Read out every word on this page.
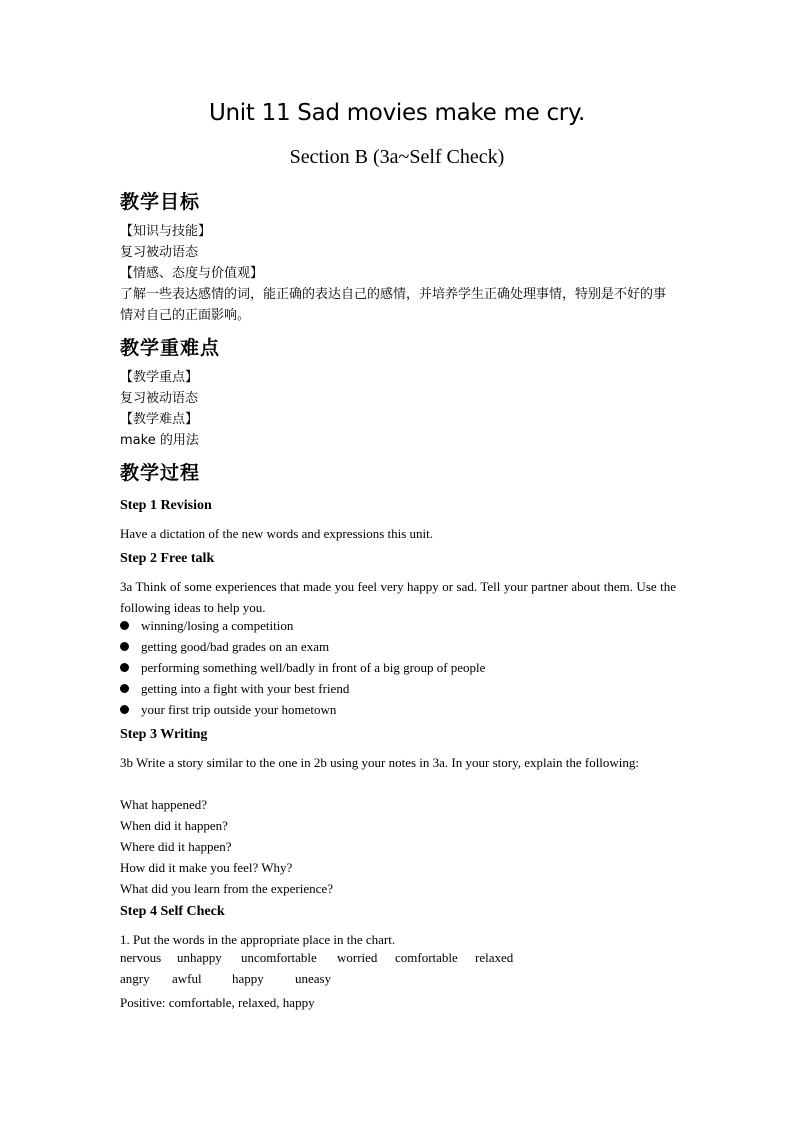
Unit 11 Sad movies make me cry.
Section B (3a~Self Check)
教学目标
【知识与技能】
复习被动语态
【情感、态度与价值观】
了解一些表达感情的词，能正确的表达自己的感情，并培养学生正确处理事情，特别是不好的事情对自己的正面影响。
教学重难点
【教学重点】
复习被动语态
【教学难点】
make 的用法
教学过程
Step 1 Revision
Have a dictation of the new words and expressions this unit.
Step 2 Free talk
3a Think of some experiences that made you feel very happy or sad. Tell your partner about them. Use the following ideas to help you.
winning/losing a competition
getting good/bad grades on an exam
performing something well/badly in front of a big group of people
getting into a fight with your best friend
your first trip outside your hometown
Step 3 Writing
3b Write a story similar to the one in 2b using your notes in 3a. In your story, explain the following:
What happened?
When did it happen?
Where did it happen?
How did it make you feel? Why?
What did you learn from the experience?
Step 4 Self Check
1. Put the words in the appropriate place in the chart.
nervous unhappy uncomfortable worried comfortable relaxed
angry awful happy uneasy
Positive: comfortable, relaxed, happy
